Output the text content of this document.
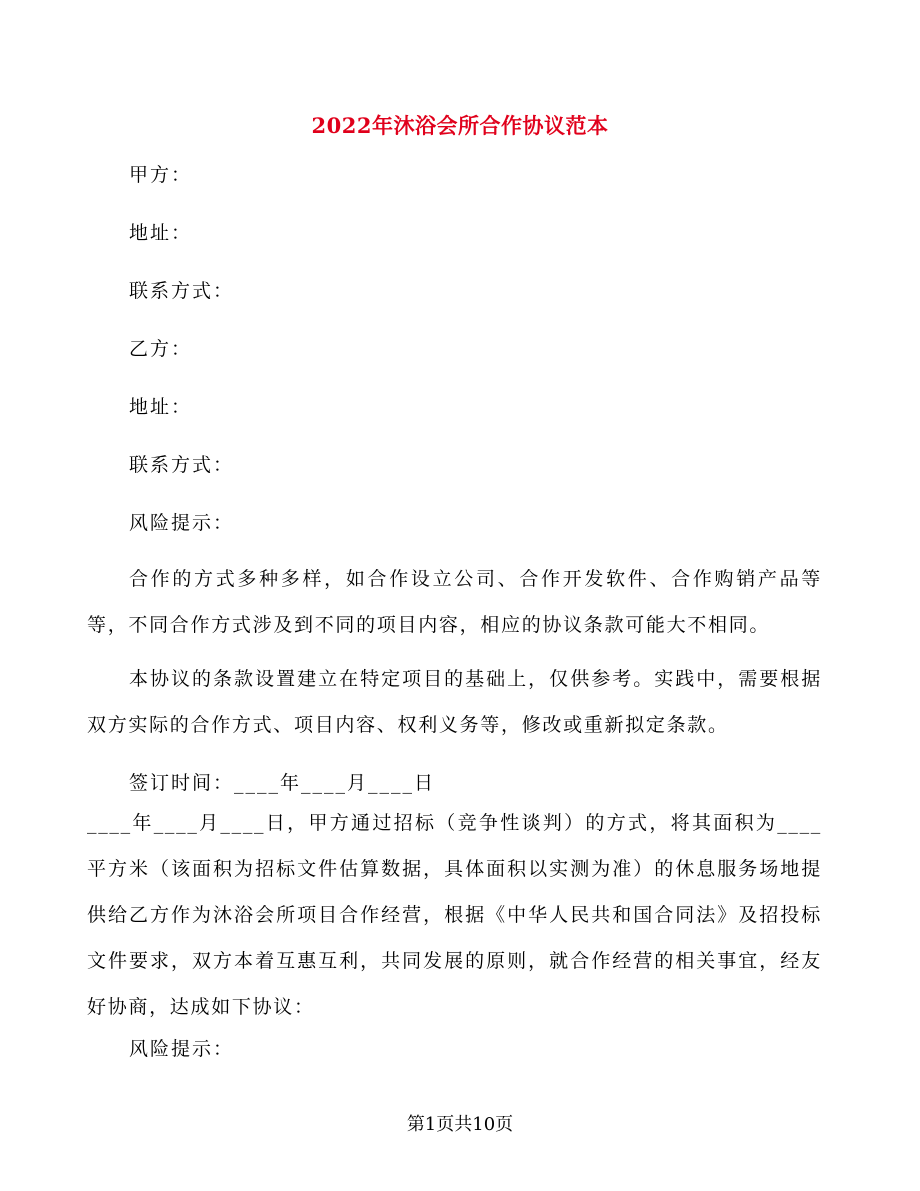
2022年沐浴会所合作协议范本
甲方：
地址：
联系方式：
乙方：
地址：
联系方式：
风险提示：
合作的方式多种多样，如合作设立公司、合作开发软件、合作购销产品等等，不同合作方式涉及到不同的项目内容，相应的协议条款可能大不相同。
本协议的条款设置建立在特定项目的基础上，仅供参考。实践中，需要根据双方实际的合作方式、项目内容、权利义务等，修改或重新拟定条款。
签订时间：____年____月____日
____年____月____日，甲方通过招标（竞争性谈判）的方式，将其面积为____平方米（该面积为招标文件估算数据，具体面积以实测为准）的休息服务场地提供给乙方作为沐浴会所项目合作经营，根据《中华人民共和国合同法》及招投标文件要求，双方本着互惠互利，共同发展的原则，就合作经营的相关事宜，经友好协商，达成如下协议：
风险提示：
第1页共10页
